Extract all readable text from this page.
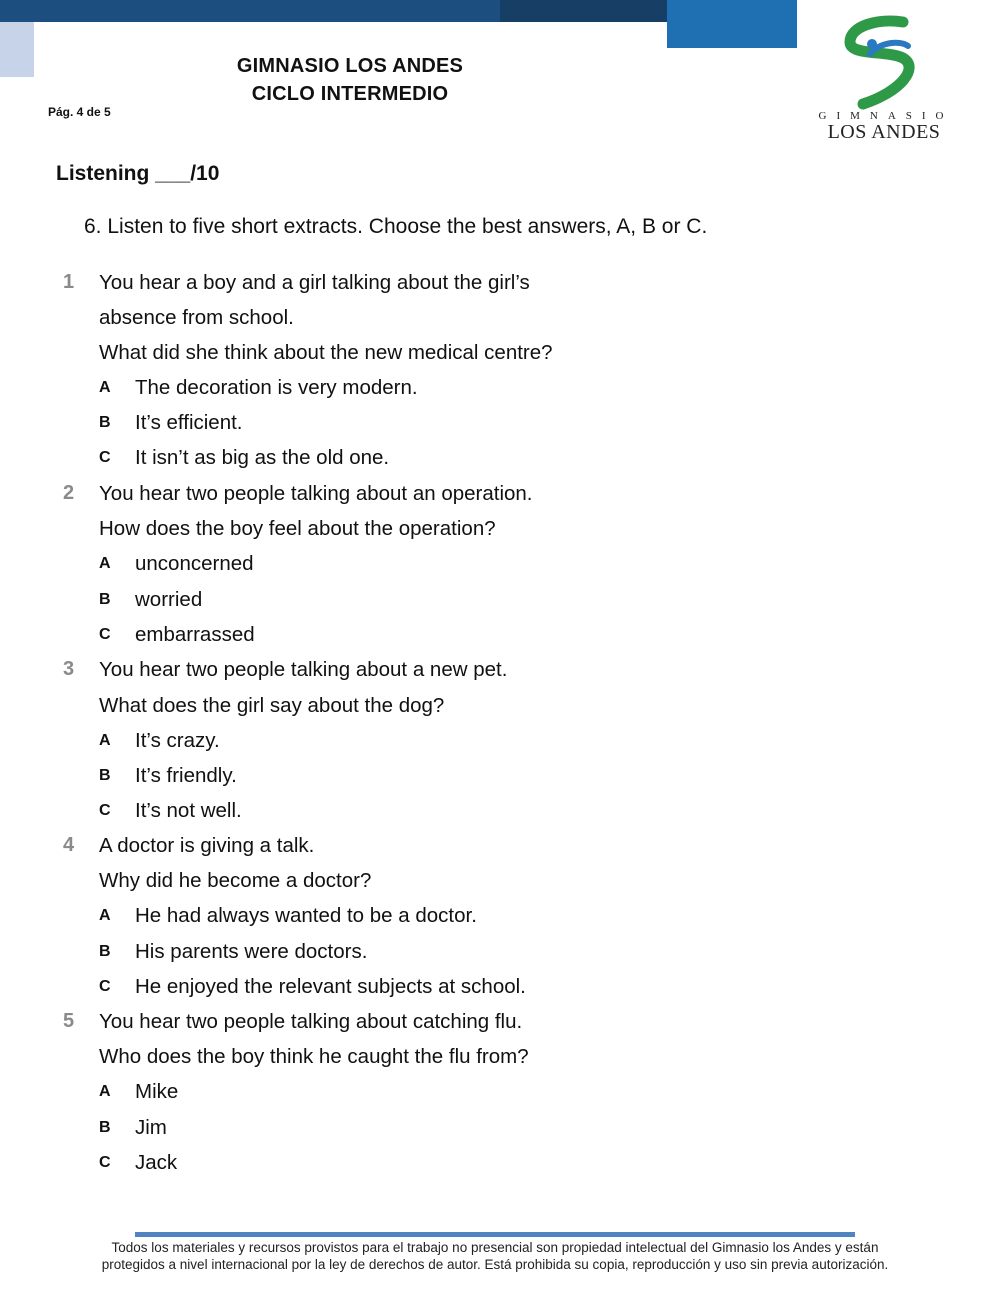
GIMNASIO LOS ANDES
CICLO INTERMEDIO
Pág. 4 de 5	GIMNASIO
LOS ANDES
Listening ___/10
6. Listen to five short extracts. Choose the best answers, A, B or C.
1 You hear a boy and a girl talking about the girl’s
absence from school.
What did she think about the new medical centre?
A The decoration is very modern.
B It’s efficient.
C It isn’t as big as the old one.
2 You hear two people talking about an operation.
How does the boy feel about the operation?
A unconcerned
B worried
C embarrassed
3 You hear two people talking about a new pet.
What does the girl say about the dog?
A It’s crazy.
B It’s friendly.
C It’s not well.
4 A doctor is giving a talk.
Why did he become a doctor?
A He had always wanted to be a doctor.
B His parents were doctors.
C He enjoyed the relevant subjects at school.
5 You hear two people talking about catching flu.
Who does the boy think he caught the flu from?
A Mike
B Jim
C Jack
Todos los materiales y recursos provistos para el trabajo no presencial son propiedad intelectual del Gimnasio los Andes y están
protegidos a nivel internacional por la ley de derechos de autor. Está prohibida su copia, reproducción y uso sin previa autorización.
